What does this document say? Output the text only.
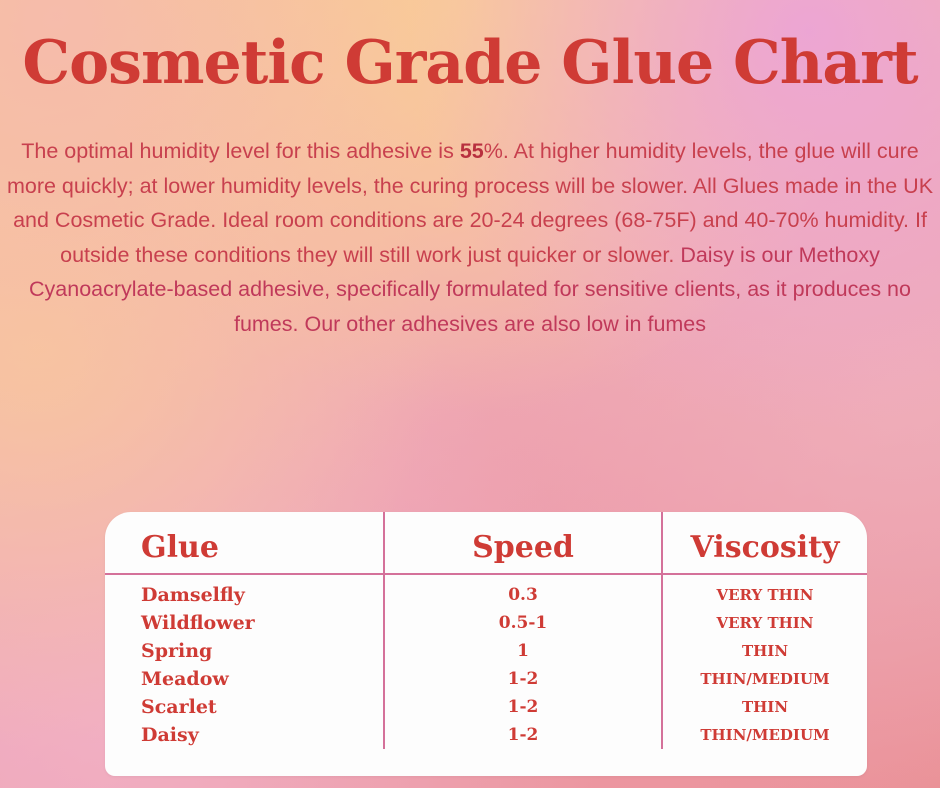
Cosmetic Grade Glue Chart
The optimal humidity level for this adhesive is 55%. At higher humidity levels, the glue will cure more quickly; at lower humidity levels, the curing process will be slower. All Glues made in the UK and Cosmetic Grade. Ideal room conditions are 20-24 degrees (68-75F) and 40-70% humidity. If outside these conditions they will still work just quicker or slower. Daisy is our Methoxy Cyanoacrylate-based adhesive, specifically formulated for sensitive clients, as it produces no fumes. Our other adhesives are also low in fumes
Glue	Speed	Viscosity
Damselfly	0.3	VERY THIN
Wildflower	0.5-1	VERY THIN
Spring	1	THIN
Meadow	1-2	THIN/MEDIUM
Scarlet	1-2	THIN
Daisy	1-2	THIN/MEDIUM
